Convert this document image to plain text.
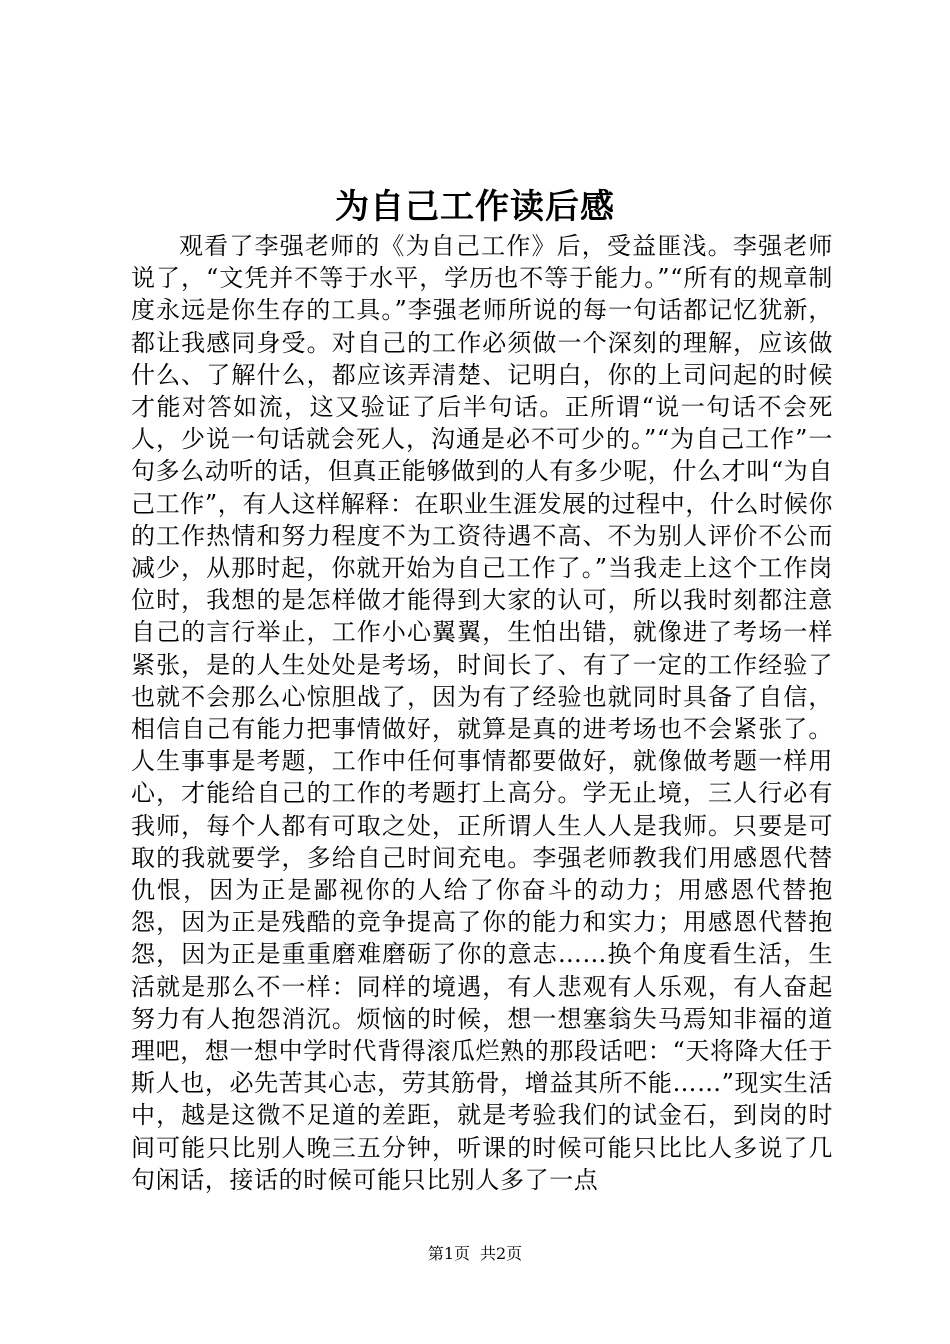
为自己工作读后感

观看了李强老师的《为自己工作》后，受益匪浅。李强老师说了，“文凭并不等于水平，学历也不等于能力。”“所有的规章制度永远是你生存的工具。”李强老师所说的每一句话都记忆犹新，都让我感同身受。对自己的工作必须做一个深刻的理解，应该做什么、了解什么，都应该弄清楚、记明白，你的上司问起的时候才能对答如流，这又验证了后半句话。正所谓“说一句话不会死人，少说一句话就会死人，沟通是必不可少的。”“为自己工作”一句多么动听的话，但真正能够做到的人有多少呢，什么才叫“为自己工作”，有人这样解释：在职业生涯发展的过程中，什么时候你的工作热情和努力程度不为工资待遇不高、不为别人评价不公而减少，从那时起，你就开始为自己工作了。”当我走上这个工作岗位时，我想的是怎样做才能得到大家的认可，所以我时刻都注意自己的言行举止，工作小心翼翼，生怕出错，就像进了考场一样紧张，是的人生处处是考场，时间长了、有了一定的工作经验了也就不会那么心惊胆战了，因为有了经验也就同时具备了自信，相信自己有能力把事情做好，就算是真的进考场也不会紧张了。人生事事是考题，工作中任何事情都要做好，就像做考题一样用心，才能给自己的工作的考题打上高分。学无止境，三人行必有我师，每个人都有可取之处，正所谓人生人人是我师。只要是可取的我就要学，多给自己时间充电。李强老师教我们用感恩代替仇恨，因为正是鄙视你的人给了你奋斗的动力；用感恩代替抱怨，因为正是残酷的竞争提高了你的能力和实力；用感恩代替抱怨，因为正是重重磨难磨砺了你的意志……换个角度看生活，生活就是那么不一样：同样的境遇，有人悲观有人乐观，有人奋起努力有人抱怨消沉。烦恼的时候，想一想塞翁失马焉知非福的道理吧，想一想中学时代背得滚瓜烂熟的那段话吧：“天将降大任于斯人也，必先苦其心志，劳其筋骨，增益其所不能……”现实生活中，越是这微不足道的差距，就是考验我们的试金石，到岗的时间可能只比别人晚三五分钟，听课的时候可能只比比人多说了几句闲话，接话的时候可能只比别人多了一点

第1页 共2页
